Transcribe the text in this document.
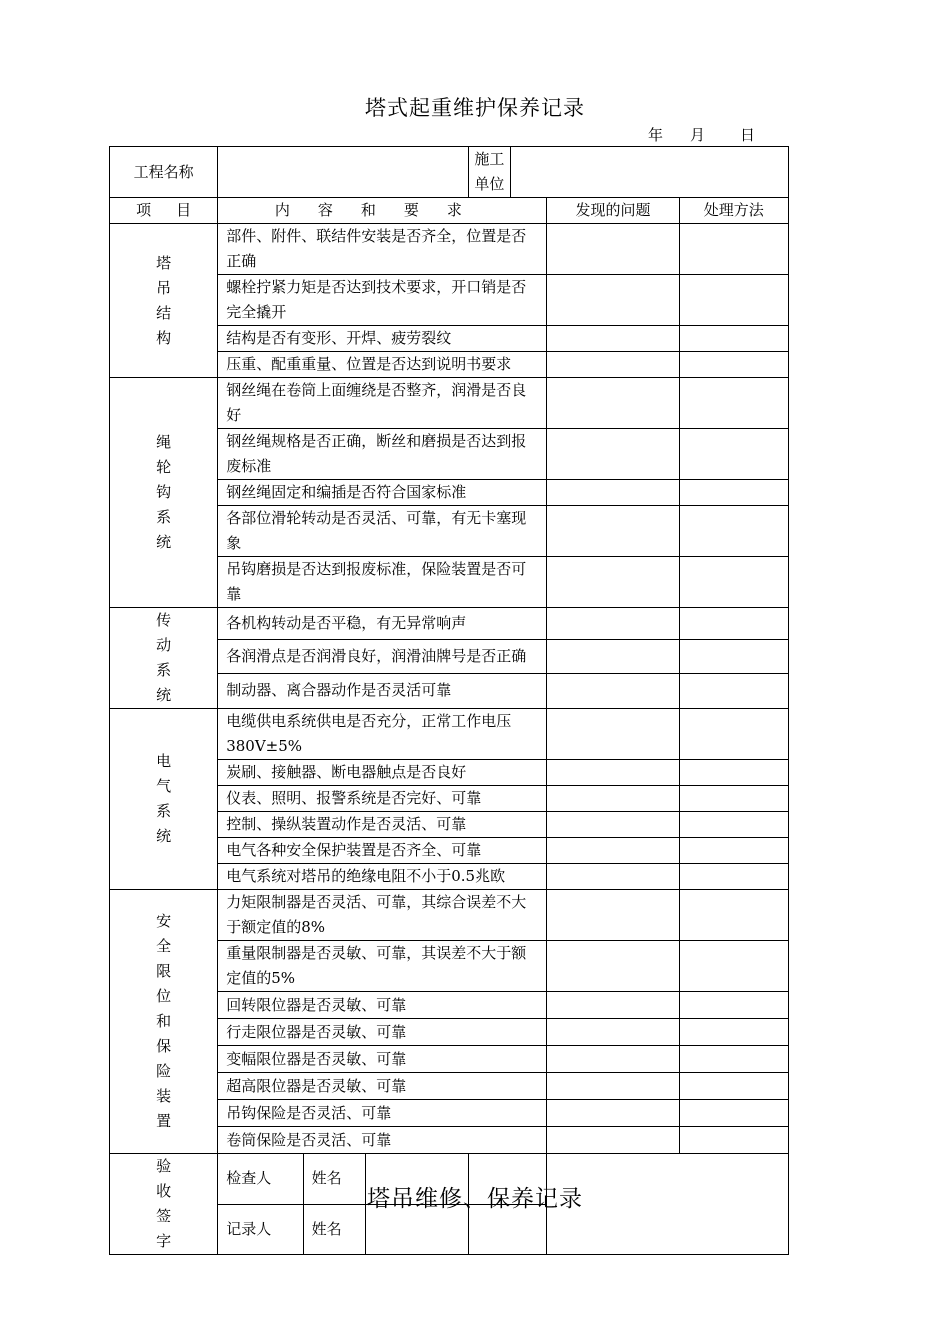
塔式起重维护保养记录
年 月 日
工程名称				施工单位			
项　 目	内容和要求					发现的问题	处理方法
塔吊结构	部件、附件、联结件安装是否齐全，位置是否正确						
	螺栓拧紧力矩是否达到技术要求，开口销是否完全撬开						
	结构是否有变形、开焊、疲劳裂纹						
	压重、配重重量、位置是否达到说明书要求						
绳轮钩系统	钢丝绳在卷筒上面缠绕是否整齐，润滑是否良好						
	钢丝绳规格是否正确，断丝和磨损是否达到报废标准						
	钢丝绳固定和编插是否符合国家标准						
	各部位滑轮转动是否灵活、可靠，有无卡塞现象						
	吊钩磨损是否达到报废标准，保险装置是否可靠						
传动系统	各机构转动是否平稳，有无异常响声						
	各润滑点是否润滑良好，润滑油牌号是否正确						
	制动器、离合器动作是否灵活可靠						
电气系统	电缆供电系统供电是否充分，正常工作电压380V±5%						
	炭刷、接触器、断电器触点是否良好						
	仪表、照明、报警系统是否完好、可靠						
	控制、操纵装置动作是否灵活、可靠						
	电气各种安全保护装置是否齐全、可靠						
	电气系统对塔吊的绝缘电阻不小于0.5兆欧						
安全限位和保险装置	力矩限制器是否灵活、可靠，其综合误差不大于额定值的8%						
	重量限制器是否灵敏、可靠，其误差不大于额定值的5%						
	回转限位器是否灵敏、可靠						
	行走限位器是否灵敏、可靠						
	变幅限位器是否灵敏、可靠						
	超高限位器是否灵敏、可靠						
	吊钩保险是否灵活、可靠						
	卷筒保险是否灵活、可靠						
验收签字	检查人	姓名					
	记录人	姓名					
塔吊维修、保养记录
